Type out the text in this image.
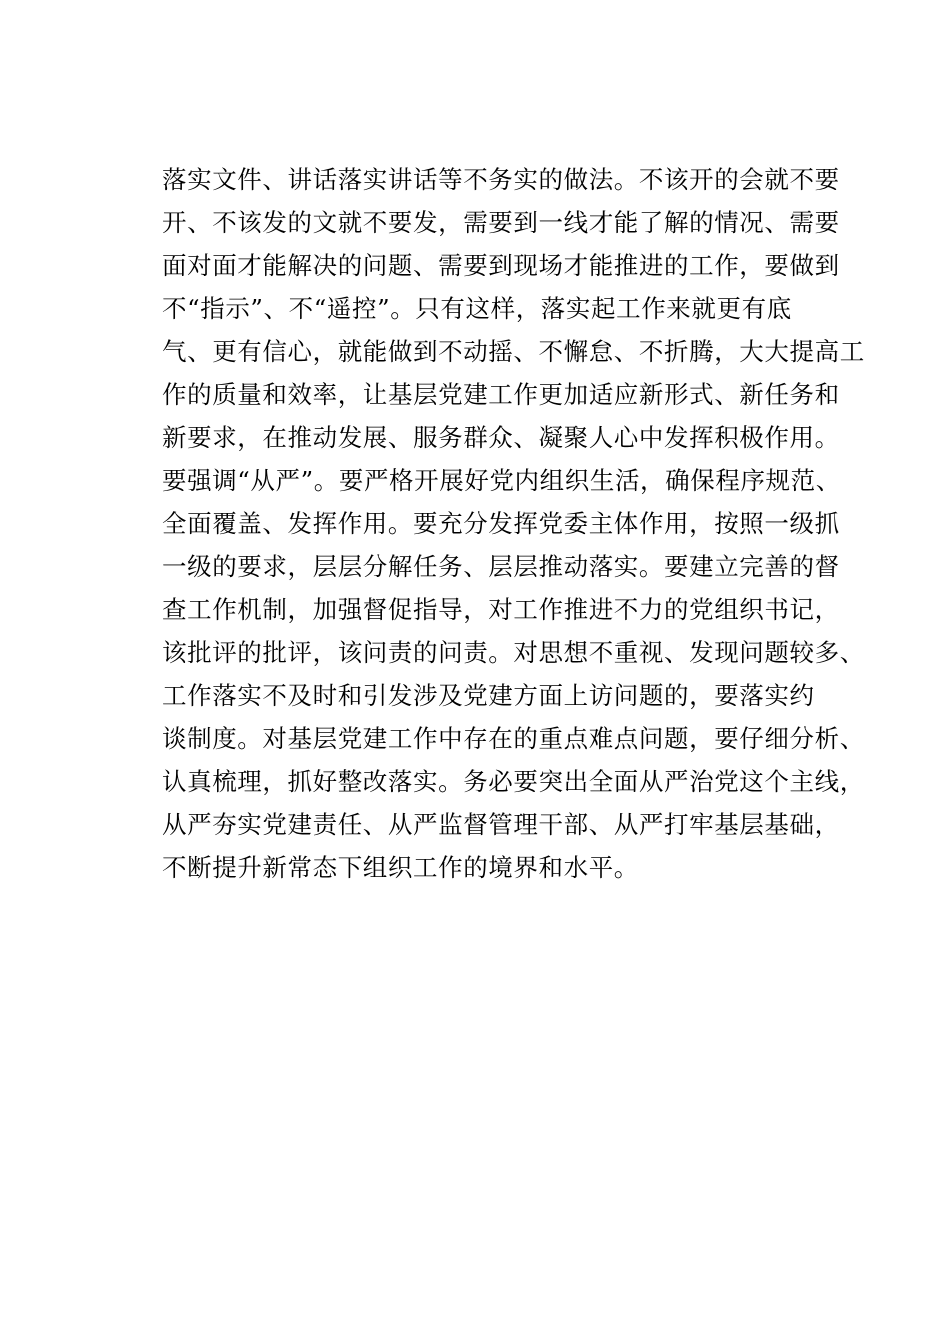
落实文件、讲话落实讲话等不务实的做法。不该开的会就不要
开、不该发的文就不要发，需要到一线才能了解的情况、需要
面对面才能解决的问题、需要到现场才能推进的工作，要做到
不“指示”、不“遥控”。只有这样，落实起工作来就更有底
气、更有信心，就能做到不动摇、不懈怠、不折腾，大大提高工
作的质量和效率，让基层党建工作更加适应新形式、新任务和
新要求，在推动发展、服务群众、凝聚人心中发挥积极作用。
要强调“从严”。要严格开展好党内组织生活，确保程序规范、
全面覆盖、发挥作用。要充分发挥党委主体作用，按照一级抓
一级的要求，层层分解任务、层层推动落实。要建立完善的督
查工作机制，加强督促指导，对工作推进不力的党组织书记，
该批评的批评，该问责的问责。对思想不重视、发现问题较多、
工作落实不及时和引发涉及党建方面上访问题的，要落实约
谈制度。对基层党建工作中存在的重点难点问题，要仔细分析、
认真梳理，抓好整改落实。务必要突出全面从严治党这个主线，
从严夯实党建责任、从严监督管理干部、从严打牢基层基础，
不断提升新常态下组织工作的境界和水平。
